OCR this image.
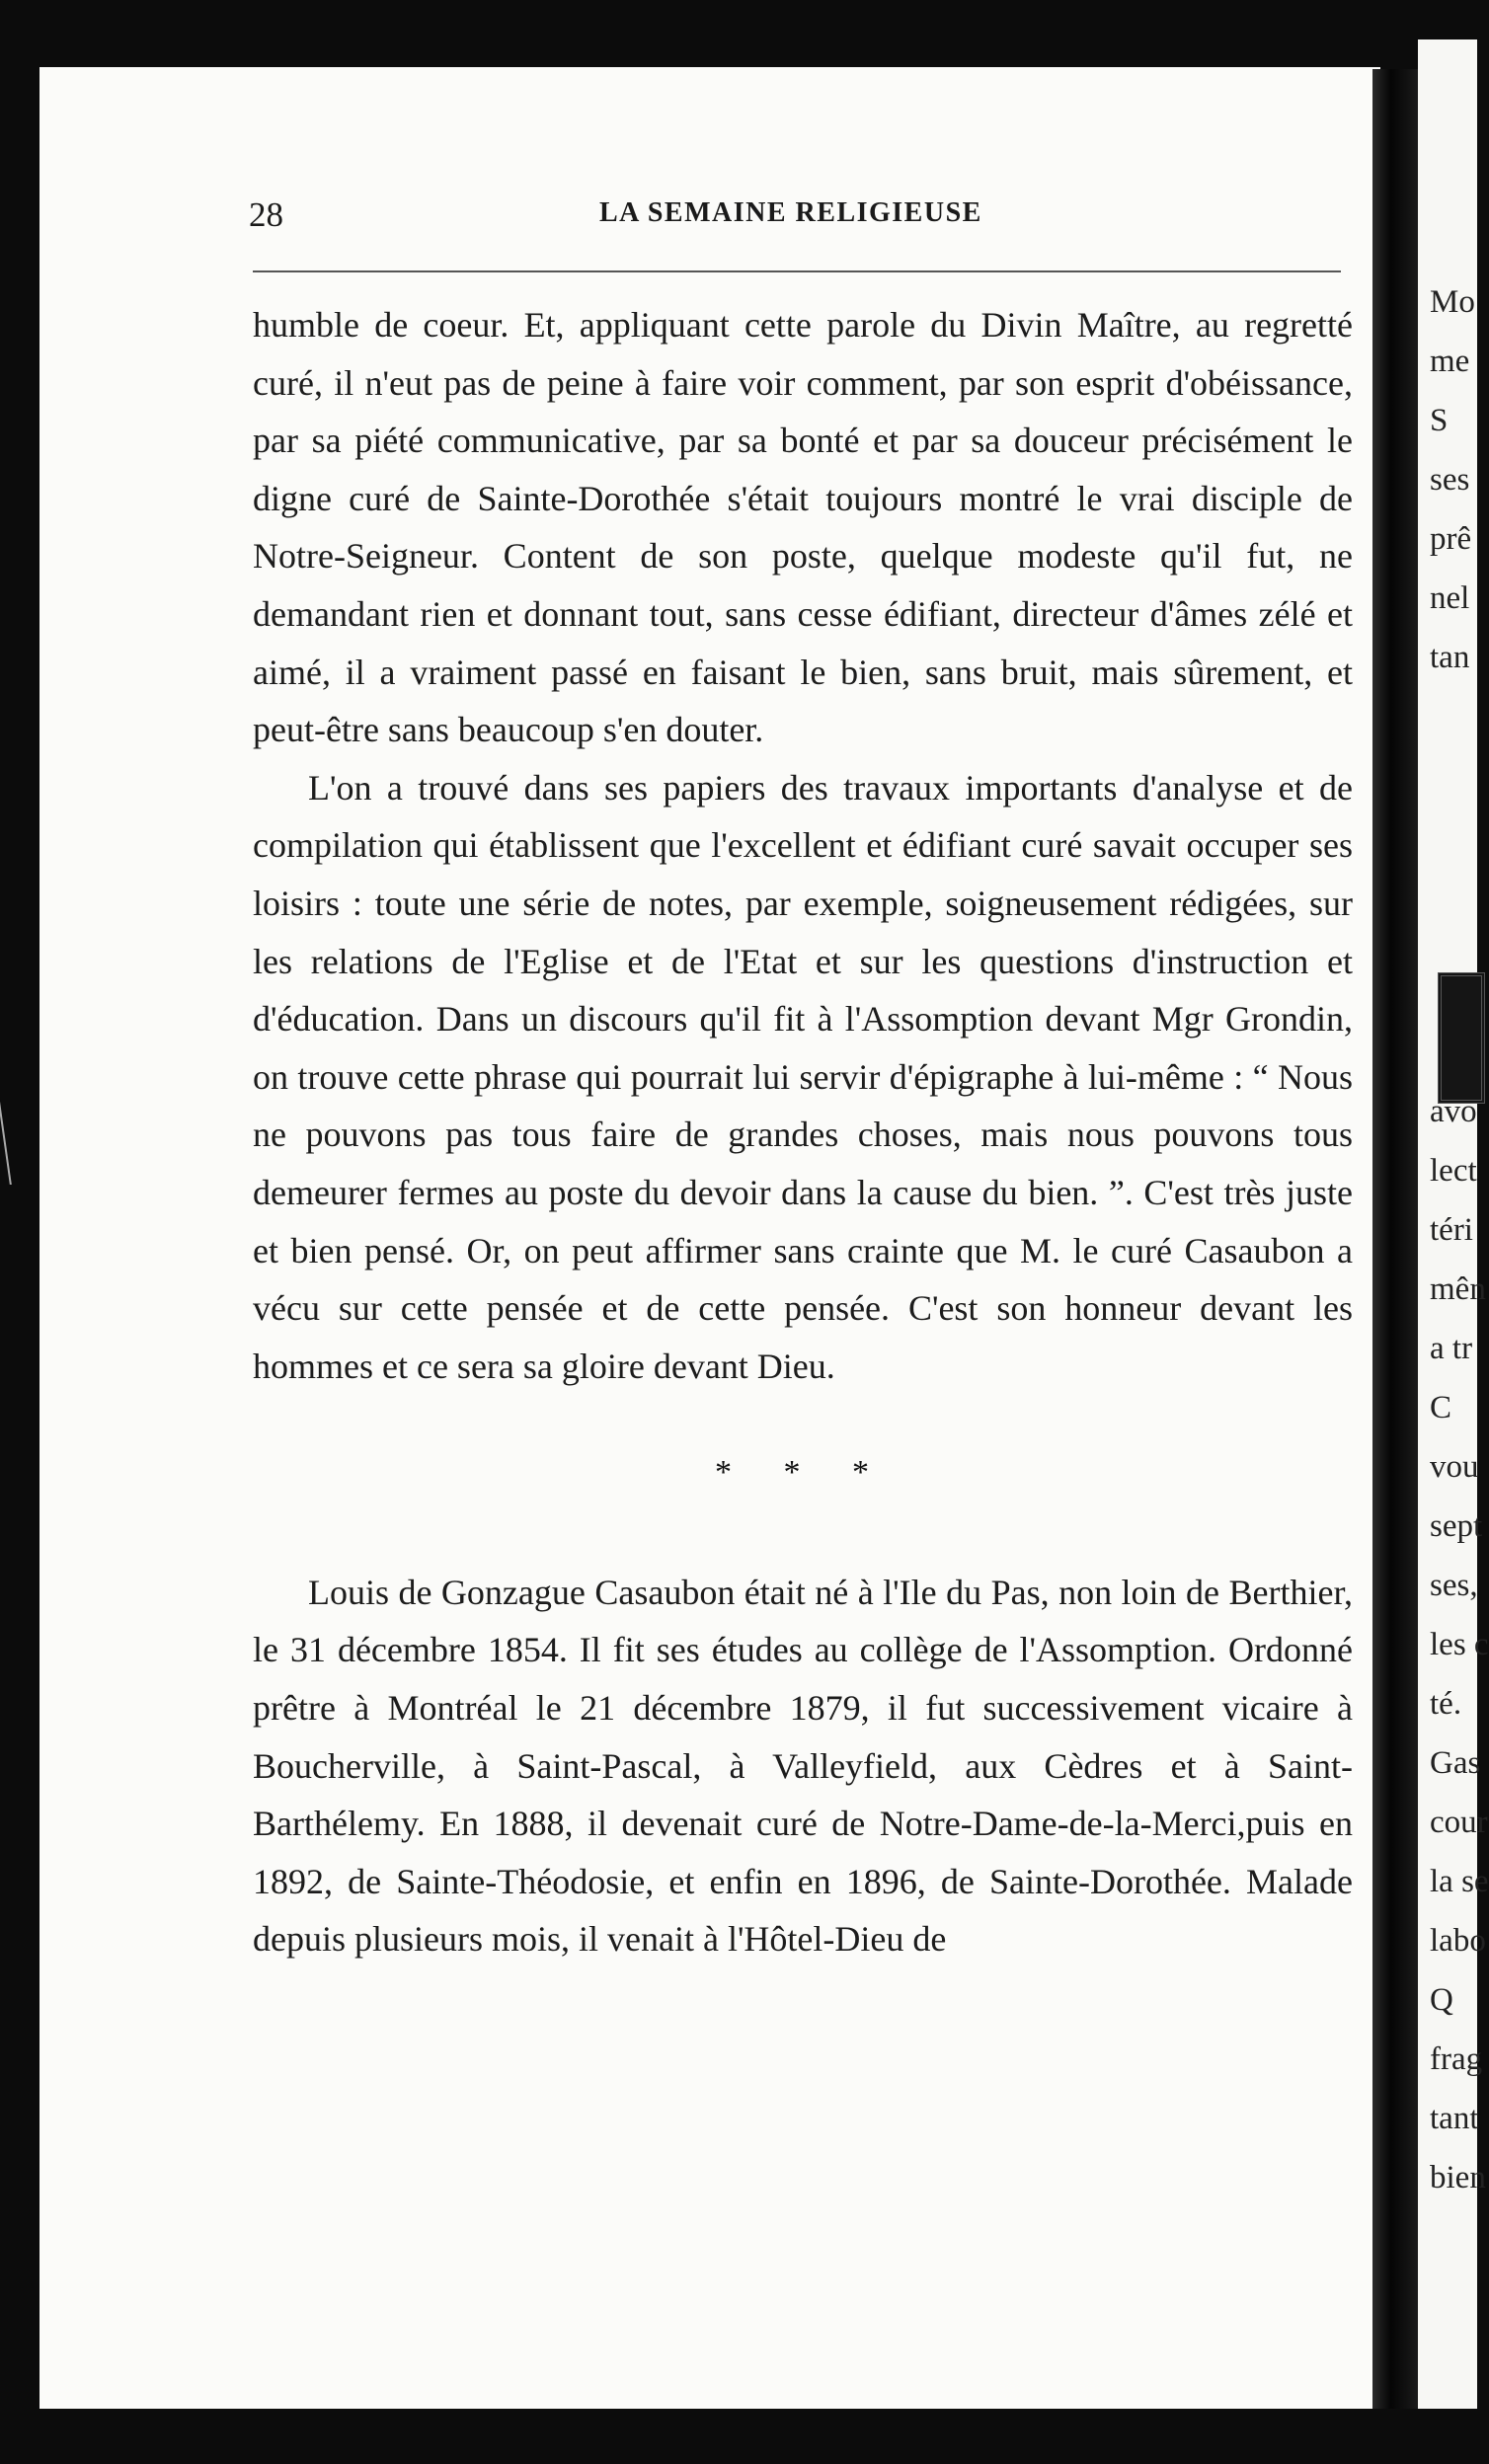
28	LA SEMAINE RELIGIEUSE

humble de coeur. Et, appliquant cette parole du Divin Maître, au regretté curé, il n'eut pas de peine à faire voir comment, par son esprit d'obéissance, par sa piété communicative, par sa bonté et par sa douceur précisément le digne curé de Sainte-Dorothée s'était toujours montré le vrai disciple de Notre-Seigneur. Content de son poste, quelque modeste qu'il fut, ne demandant rien et donnant tout, sans cesse édifiant, directeur d'âmes zélé et aimé, il a vraiment passé en faisant le bien, sans bruit, mais sûrement, et peut-être sans beaucoup s'en douter.

L'on a trouvé dans ses papiers des travaux importants d'analyse et de compilation qui établissent que l'excellent et édifiant curé savait occuper ses loisirs : toute une série de notes, par exemple, soigneusement rédigées, sur les relations de l'Eglise et de l'Etat et sur les questions d'instruction et d'éducation. Dans un discours qu'il fit à l'Assomption devant Mgr Grondin, on trouve cette phrase qui pourrait lui servir d'épigraphe à lui-même : “ Nous ne pouvons pas tous faire de grandes choses, mais nous pouvons tous demeurer fermes au poste du devoir dans la cause du bien. ”. C'est très juste et bien pensé. Or, on peut affirmer sans crainte que M. le curé Casaubon a vécu sur cette pensée et de cette pensée. C'est son honneur devant les hommes et ce sera sa gloire devant Dieu.

* * *

Louis de Gonzague Casaubon était né à l'Ile du Pas, non loin de Berthier, le 31 décembre 1854. Il fit ses études au collège de l'Assomption. Ordonné prêtre à Montréal le 21 décembre 1879, il fut successivement vicaire à Boucherville, à Saint-Pascal, à Valleyfield, aux Cèdres et à Saint-Barthélemy. En 1888, il devenait curé de Notre-Dame-de-la-Merci,puis en 1892, de Sainte-Théodosie, et enfin en 1896, de Sainte-Dorothée. Malade depuis plusieurs mois, il venait à l'Hôtel-Dieu de

Mo
me
S
ses
prê
nel
tan
avo
lect
téri
mên
a tr
C
vou
sept
ses,
les c
té.
Gas
cour
la se
labo
Q
frag
tant
bien
